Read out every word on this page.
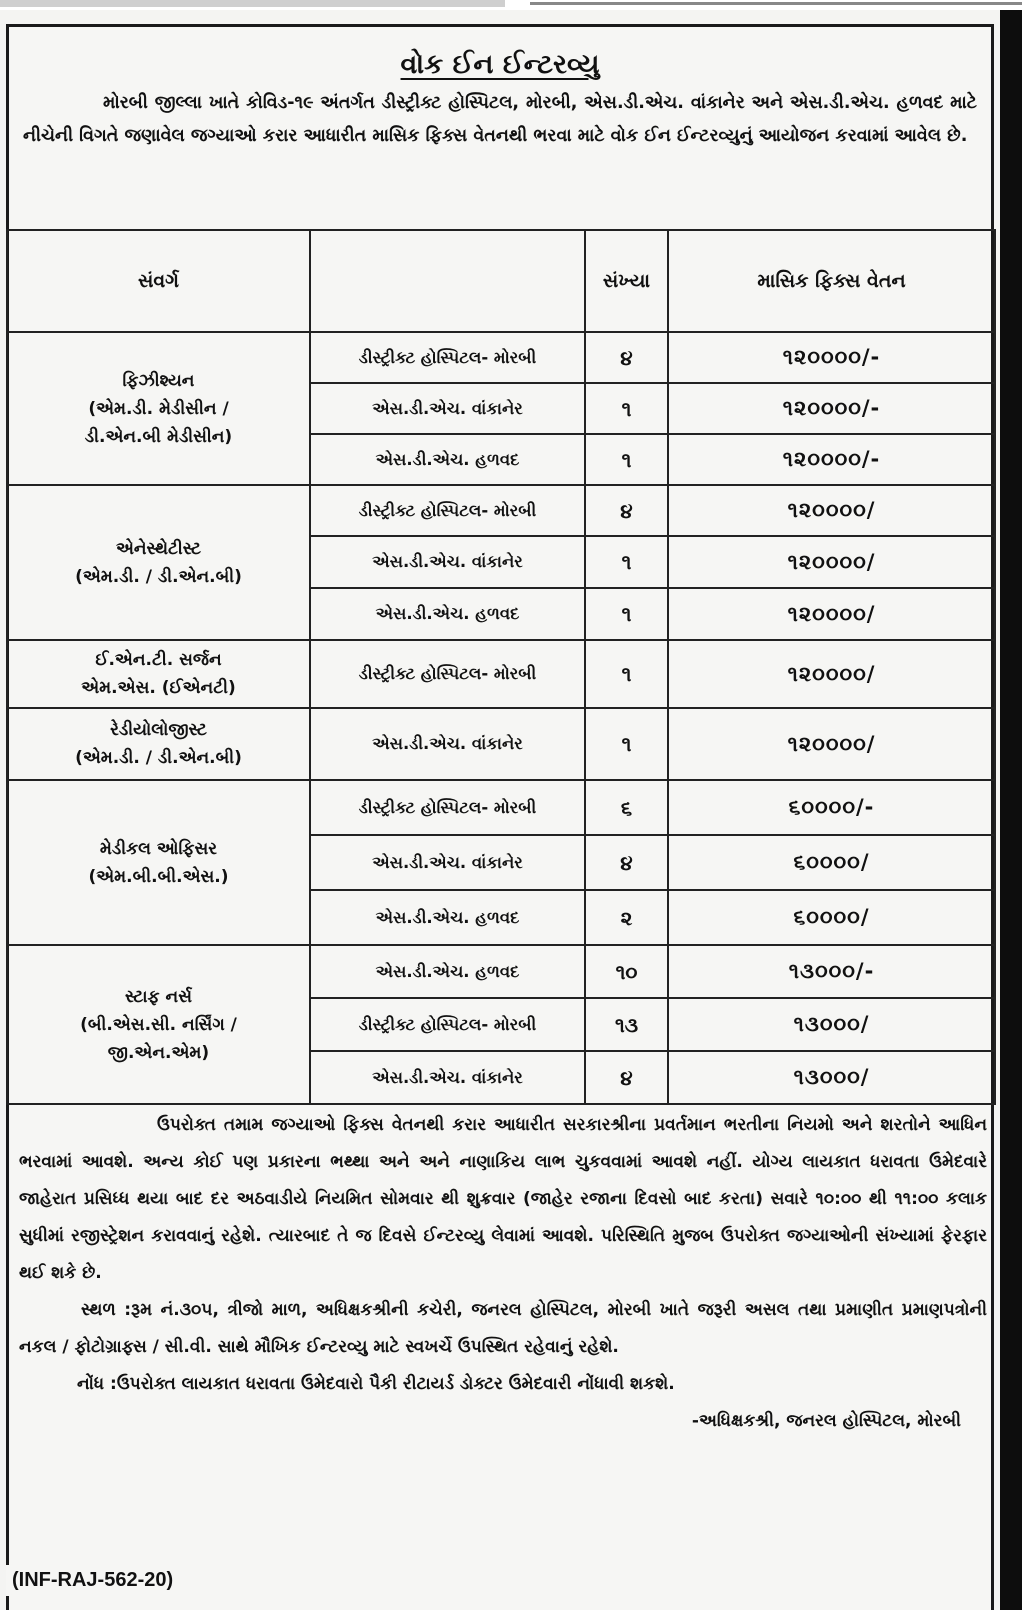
વોક ઈન ઈન્ટરવ્યુ
મોરબી જીલ્લા ખાતે કોવિડ-૧૯ અંતર્ગત ડીસ્ટ્રીક્ટ હોસ્પિટલ, મોરબી, એસ.ડી.એચ. વાંકાનેર અને એસ.ડી.એચ. હળવદ માટે નીચેની વિગતે જણાવેલ જગ્યાઓ કરાર આધારીત માસિક ફિક્સ વેતનથી ભરવા માટે વોક ઈન ઈન્ટરવ્યુનું આયોજન કરવામાં આવેલ છે.
સંવર્ગ		સંખ્યા	માસિક ફિક્સ વેતન

ફિઝીશ્યન
(એમ.ડી. મેડીસીન /
ડી.એન.બી મેડીસીન)	ડીસ્ટ્રીક્ટ હોસ્પિટલ- મોરબી	૪	૧૨૦૦૦૦/-
	એસ.ડી.એચ. વાંકાનેર	૧	૧૨૦૦૦૦/-
	એસ.ડી.એચ. હળવદ	૧	૧૨૦૦૦૦/-

એનેસ્થેટીસ્ટ
(એમ.ડી. / ડી.એન.બી)	ડીસ્ટ્રીક્ટ હોસ્પિટલ- મોરબી	૪	૧૨૦૦૦૦/
	એસ.ડી.એચ. વાંકાનેર	૧	૧૨૦૦૦૦/
	એસ.ડી.એચ. હળવદ	૧	૧૨૦૦૦૦/

ઈ.એન.ટી. સર્જન
એમ.એસ. (ઈએનટી)	ડીસ્ટ્રીક્ટ હોસ્પિટલ- મોરબી	૧	૧૨૦૦૦૦/

રેડીયોલોજીસ્ટ
(એમ.ડી. / ડી.એન.બી)	એસ.ડી.એચ. વાંકાનેર	૧	૧૨૦૦૦૦/

મેડીકલ ઓફિસર
(એમ.બી.બી.એસ.)	ડીસ્ટ્રીક્ટ હોસ્પિટલ- મોરબી	૬	૬૦૦૦૦/-
	એસ.ડી.એચ. વાંકાનેર	૪	૬૦૦૦૦/
	એસ.ડી.એચ. હળવદ	૨	૬૦૦૦૦/

સ્ટાફ નર્સ
(બી.એસ.સી. નર્સિંગ /
જી.એન.એમ)	એસ.ડી.એચ. હળવદ	૧૦	૧૩૦૦૦/-
	ડીસ્ટ્રીક્ટ હોસ્પિટલ- મોરબી	૧૩	૧૩૦૦૦/
	એસ.ડી.એચ. વાંકાનેર	૪	૧૩૦૦૦/

ઉપરોક્ત તમામ જગ્યાઓ ફિક્સ વેતનથી કરાર આધારીત સરકારશ્રીના પ્રવર્તમાન ભરતીના નિયમો અને શરતોને આધિન ભરવામાં આવશે. અન્ય કોઈ પણ પ્રકારના ભથ્થા અને અને નાણાકિય લાભ ચુકવવામાં આવશે નહીં. યોગ્ય લાયકાત ધરાવતા ઉમેદવારે જાહેરાત પ્રસિધ્ધ થયા બાદ દર અઠવાડીયે નિયમિત સોમવાર થી શુક્રવાર (જાહેર રજાના દિવસો બાદ કરતા) સવારે ૧૦:૦૦ થી ૧૧:૦૦ કલાક સુધીમાં રજીસ્ટ્રેશન કરાવવાનું રહેશે. ત્યારબાદ તે જ દિવસે ઈન્ટરવ્યુ લેવામાં આવશે. પરિસ્થિતિ મુજબ ઉપરોક્ત જગ્યાઓની સંખ્યામાં ફેરફાર થઈ શકે છે.

સ્થળ :રૂમ નં.૩૦૫, ત્રીજો માળ, અધિક્ષકશ્રીની કચેરી, જનરલ હોસ્પિટલ, મોરબી ખાતે જરૂરી અસલ તથા પ્રમાણીત પ્રમાણપત્રોની નકલ / ફોટોગ્રાફ્સ / સી.વી. સાથે મૌખિક ઈન્ટરવ્યુ માટે સ્વખર્ચે ઉપસ્થિત રહેવાનું રહેશે.

નોંધ :ઉપરોક્ત લાયકાત ધરાવતા ઉમેદવારો પૈકી રીટાયર્ડ ડોક્ટર ઉમેદવારી નોંધાવી શકશે.

-અધિક્ષકશ્રી, જનરલ હોસ્પિટલ, મોરબી

(INF-RAJ-562-20)
